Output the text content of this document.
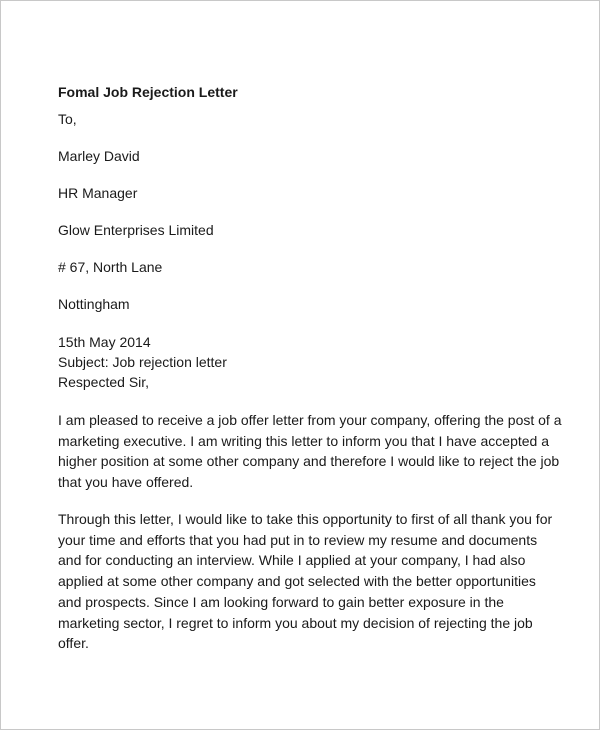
Fomal Job Rejection Letter
To,
Marley David
HR Manager
Glow Enterprises Limited
# 67, North Lane
Nottingham
15th May 2014
Subject: Job rejection letter
Respected Sir,
I am pleased to receive a job offer letter from your company, offering the post of a
marketing executive. I am writing this letter to inform you that I have accepted a
higher position at some other company and therefore I would like to reject the job
that you have offered.
Through this letter, I would like to take this opportunity to first of all thank you for
your time and efforts that you had put in to review my resume and documents
and for conducting an interview. While I applied at your company, I had also
applied at some other company and got selected with the better opportunities
and prospects. Since I am looking forward to gain better exposure in the
marketing sector, I regret to inform you about my decision of rejecting the job
offer.
